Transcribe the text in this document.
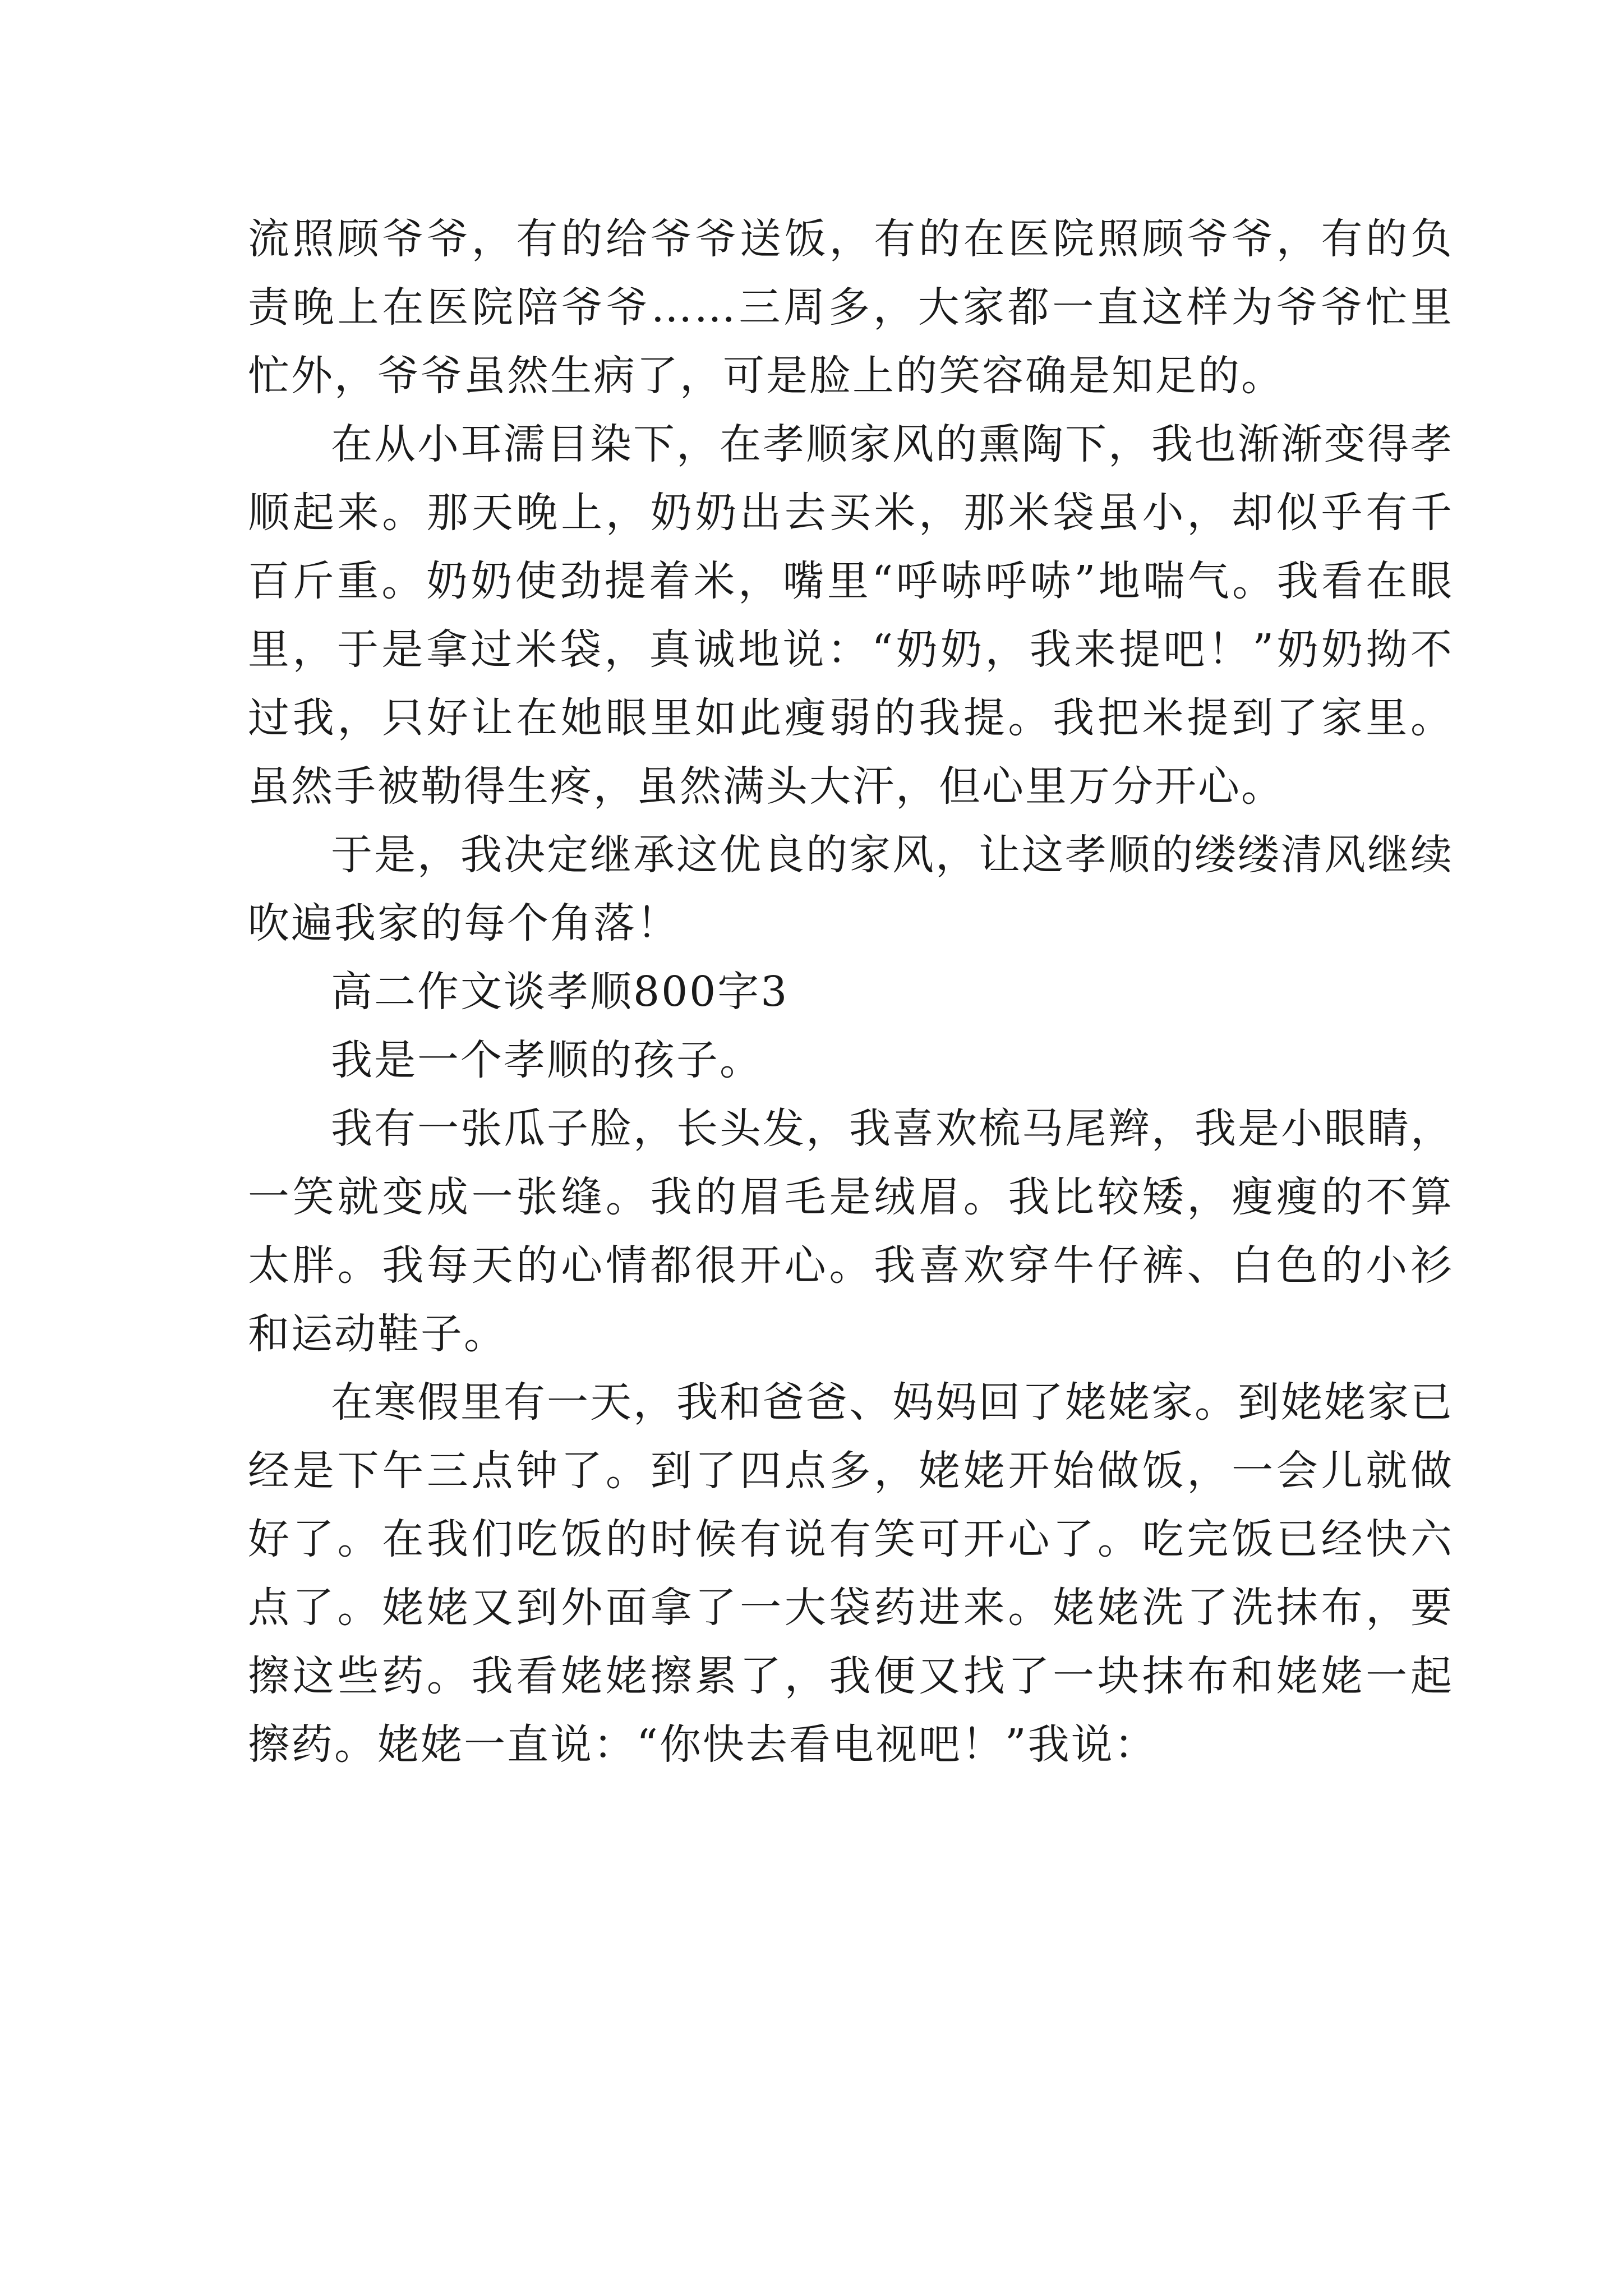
流照顾爷爷，有的给爷爷送饭，有的在医院照顾爷爷，有的负责晚上在医院陪爷爷……三周多，大家都一直这样为爷爷忙里忙外，爷爷虽然生病了，可是脸上的笑容确是知足的。

在从小耳濡目染下，在孝顺家风的熏陶下，我也渐渐变得孝顺起来。那天晚上，奶奶出去买米，那米袋虽小，却似乎有千百斤重。奶奶使劲提着米，嘴里“呼哧呼哧”地喘气。我看在眼里，于是拿过米袋，真诚地说：“奶奶，我来提吧！”奶奶拗不过我，只好让在她眼里如此瘦弱的我提。我把米提到了家里。虽然手被勒得生疼，虽然满头大汗，但心里万分开心。

于是，我决定继承这优良的家风，让这孝顺的缕缕清风继续吹遍我家的每个角落！

高二作文谈孝顺800字3

我是一个孝顺的孩子。

我有一张瓜子脸，长头发，我喜欢梳马尾辫，我是小眼睛，一笑就变成一张缝。我的眉毛是绒眉。我比较矮，瘦瘦的不算太胖。我每天的心情都很开心。我喜欢穿牛仔裤、白色的小衫和运动鞋子。

在寒假里有一天，我和爸爸、妈妈回了姥姥家。到姥姥家已经是下午三点钟了。到了四点多，姥姥开始做饭，一会儿就做好了。在我们吃饭的时候有说有笑可开心了。吃完饭已经快六点了。姥姥又到外面拿了一大袋药进来。姥姥洗了洗抹布，要擦这些药。我看姥姥擦累了，我便又找了一块抹布和姥姥一起擦药。姥姥一直说：“你快去看电视吧！”我说：
